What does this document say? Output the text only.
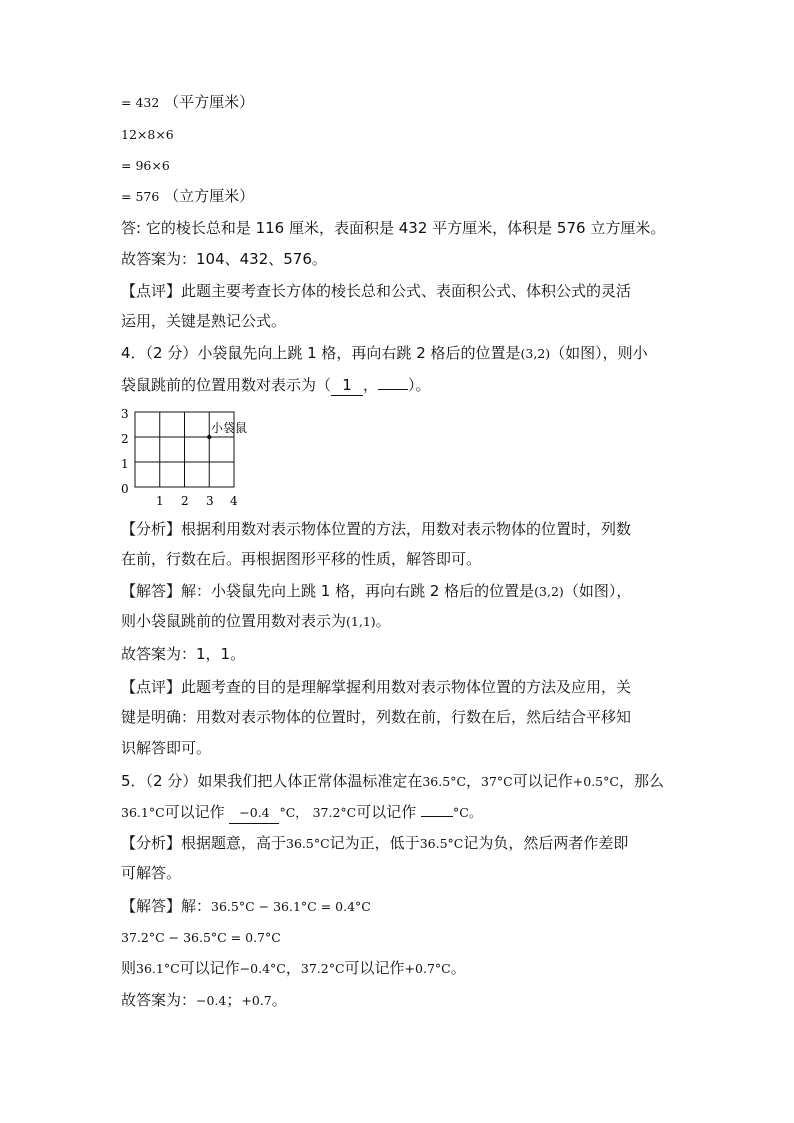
= 432 （平方厘米）
12×8×6
= 96×6
= 576 （立方厘米）
答: 它的棱长总和是 116 厘米，表面积是 432 平方厘米，体积是 576 立方厘米。
故答案为：104、432、576。
【点评】此题主要考查长方体的棱长总和公式、表面积公式、体积公式的灵活
运用，关键是熟记公式。
4．（2 分）小袋鼠先向上跳 1 格，再向右跳 2 格后的位置是(3,2)（如图），则小
袋鼠跳前的位置用数对表示为（ 1 ， ）。
3
2
1
0
1 2 3 4
小袋鼠
【分析】根据利用数对表示物体位置的方法，用数对表示物体的位置时，列数
在前，行数在后。再根据图形平移的性质，解答即可。
【解答】解：小袋鼠先向上跳 1 格，再向右跳 2 格后的位置是(3,2)（如图），
则小袋鼠跳前的位置用数对表示为(1,1)。
故答案为：1，1。
【点评】此题考查的目的是理解掌握利用数对表示物体位置的方法及应用，关
键是明确：用数对表示物体的位置时，列数在前，行数在后，然后结合平移知
识解答即可。
5．（2 分）如果我们把人体正常体温标准定在36.5°C，37°C可以记作+0.5°C，那么
36.1°C可以记作 −0.4 °C， 37.2°C可以记作	°C。
【分析】根据题意，高于36.5°C记为正，低于36.5°C记为负，然后两者作差即
可解答。
【解答】解：36.5°C − 36.1°C = 0.4°C
37.2°C − 36.5°C = 0.7°C
则36.1°C可以记作−0.4°C，37.2°C可以记作+0.7°C。
故答案为：−0.4；+0.7。
